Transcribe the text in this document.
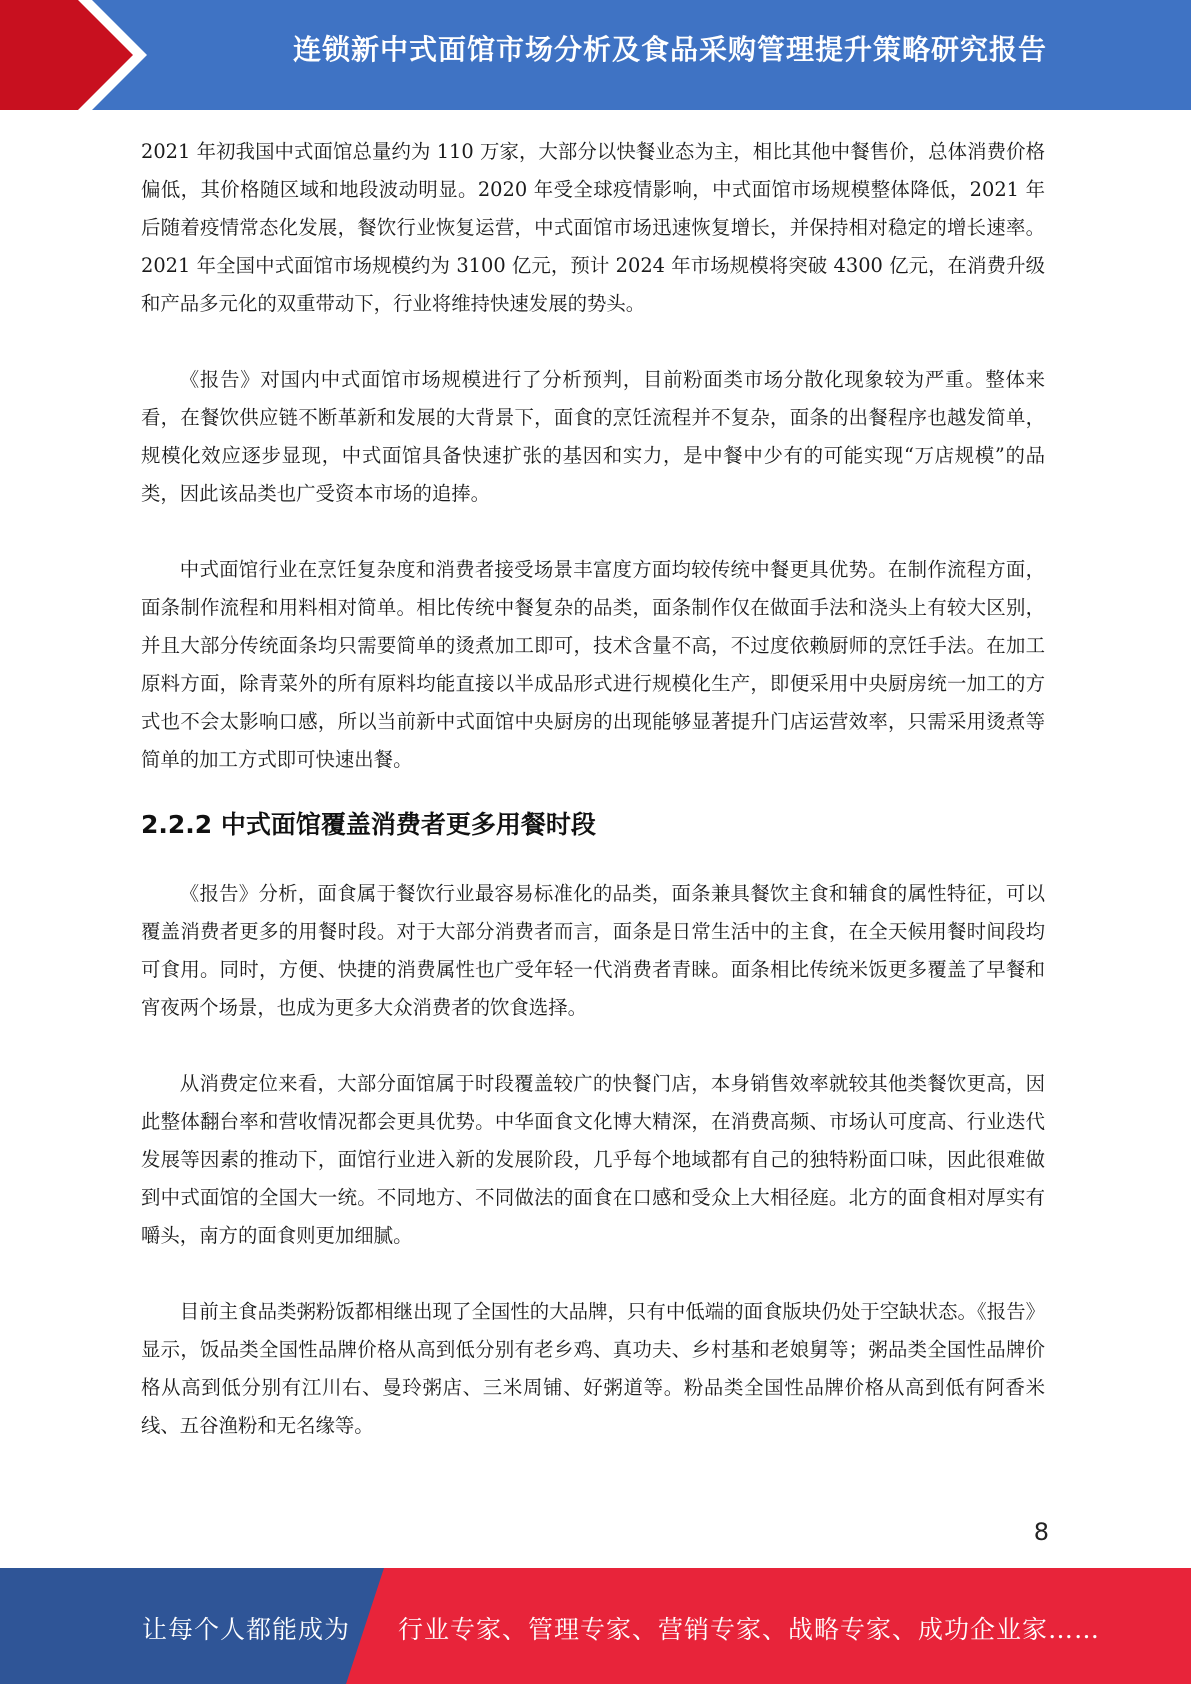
连锁新中式面馆市场分析及食品采购管理提升策略研究报告

2021 年初我国中式面馆总量约为 110 万家，大部分以快餐业态为主，相比其他中餐售价，总体消费价格偏低，其价格随区域和地段波动明显。2020 年受全球疫情影响，中式面馆市场规模整体降低，2021 年后随着疫情常态化发展，餐饮行业恢复运营，中式面馆市场迅速恢复增长，并保持相对稳定的增长速率。2021 年全国中式面馆市场规模约为 3100 亿元，预计 2024 年市场规模将突破 4300 亿元，在消费升级和产品多元化的双重带动下，行业将维持快速发展的势头。

《报告》对国内中式面馆市场规模进行了分析预判，目前粉面类市场分散化现象较为严重。整体来看，在餐饮供应链不断革新和发展的大背景下，面食的烹饪流程并不复杂，面条的出餐程序也越发简单，规模化效应逐步显现，中式面馆具备快速扩张的基因和实力，是中餐中少有的可能实现“万店规模”的品类，因此该品类也广受资本市场的追捧。

中式面馆行业在烹饪复杂度和消费者接受场景丰富度方面均较传统中餐更具优势。在制作流程方面，面条制作流程和用料相对简单。相比传统中餐复杂的品类，面条制作仅在做面手法和浇头上有较大区别，并且大部分传统面条均只需要简单的烫煮加工即可，技术含量不高，不过度依赖厨师的烹饪手法。在加工原料方面，除青菜外的所有原料均能直接以半成品形式进行规模化生产，即便采用中央厨房统一加工的方式也不会太影响口感，所以当前新中式面馆中央厨房的出现能够显著提升门店运营效率，只需采用烫煮等简单的加工方式即可快速出餐。

2.2.2 中式面馆覆盖消费者更多用餐时段

《报告》分析，面食属于餐饮行业最容易标准化的品类，面条兼具餐饮主食和辅食的属性特征，可以覆盖消费者更多的用餐时段。对于大部分消费者而言，面条是日常生活中的主食，在全天候用餐时间段均可食用。同时，方便、快捷的消费属性也广受年轻一代消费者青睐。面条相比传统米饭更多覆盖了早餐和宵夜两个场景，也成为更多大众消费者的饮食选择。

从消费定位来看，大部分面馆属于时段覆盖较广的快餐门店，本身销售效率就较其他类餐饮更高，因此整体翻台率和营收情况都会更具优势。中华面食文化博大精深，在消费高频、市场认可度高、行业迭代发展等因素的推动下，面馆行业进入新的发展阶段，几乎每个地域都有自己的独特粉面口味，因此很难做到中式面馆的全国大一统。不同地方、不同做法的面食在口感和受众上大相径庭。北方的面食相对厚实有嚼头，南方的面食则更加细腻。

目前主食品类粥粉饭都相继出现了全国性的大品牌，只有中低端的面食版块仍处于空缺状态。《报告》显示，饭品类全国性品牌价格从高到低分别有老乡鸡、真功夫、乡村基和老娘舅等；粥品类全国性品牌价格从高到低分别有江川右、曼玲粥店、三米周铺、好粥道等。粉品类全国性品牌价格从高到低有阿香米线、五谷渔粉和无名缘等。

8
让每个人都能成为 行业专家、管理专家、营销专家、战略专家、成功企业家……
